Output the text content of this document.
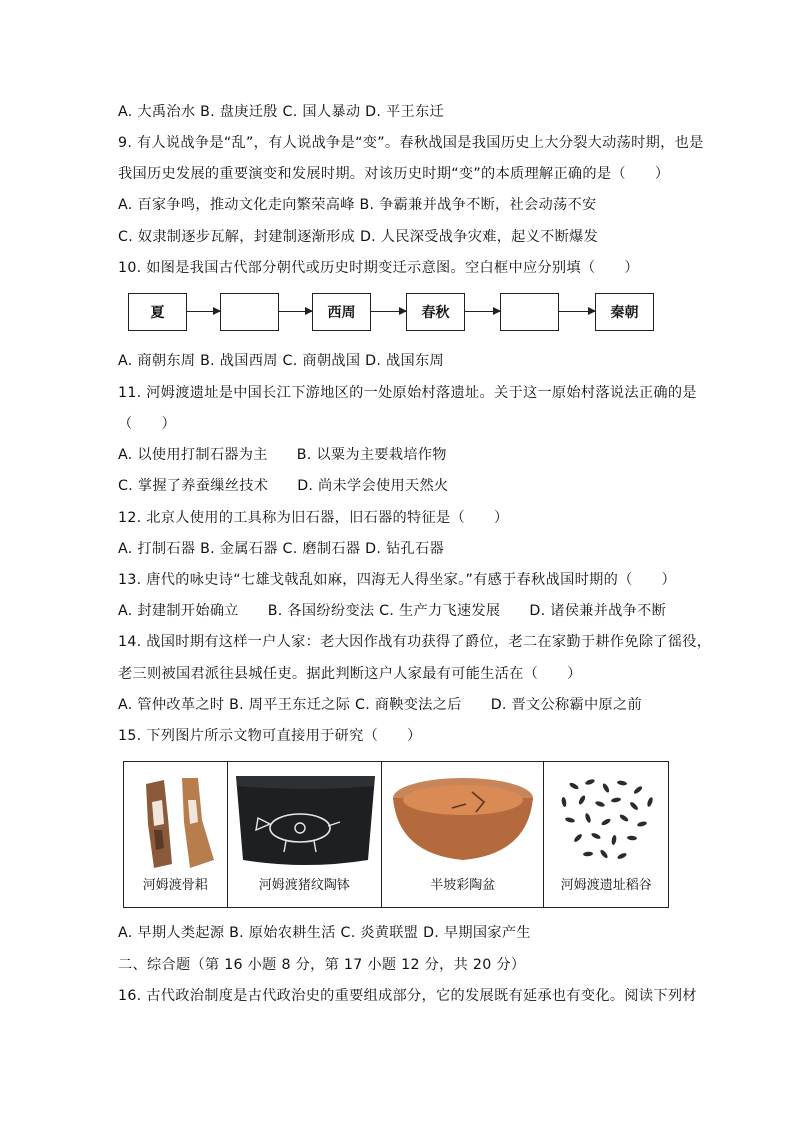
A. 大禹治水 B. 盘庚迁殷 C. 国人暴动 D. 平王东迁
9. 有人说战争是“乱”，有人说战争是“变”。春秋战国是我国历史上大分裂大动荡时期，也是
我国历史发展的重要演变和发展时期。对该历史时期“变”的本质理解正确的是（　　）
A. 百家争鸣，推动文化走向繁荣高峰 B. 争霸兼并战争不断，社会动荡不安
C. 奴隶制逐步瓦解，封建制逐渐形成 D. 人民深受战争灾难，起义不断爆发
10. 如图是我国古代部分朝代或历史时期变迁示意图。空白框中应分别填（　　）
夏	西周	春秋	秦朝
A. 商朝东周 B. 战国西周 C. 商朝战国 D. 战国东周
11. 河姆渡遗址是中国长江下游地区的一处原始村落遗址。关于这一原始村落说法正确的是
（　　）
A. 以使用打制石器为主　　B. 以粟为主要栽培作物
C. 掌握了养蚕缫丝技术　　D. 尚未学会使用天然火
12. 北京人使用的工具称为旧石器，旧石器的特征是（　　）
A. 打制石器 B. 金属石器 C. 磨制石器 D. 钻孔石器
13. 唐代的咏史诗“七雄戈戟乱如麻，四海无人得坐家。”有感于春秋战国时期的（　　）
A. 封建制开始确立　　B. 各国纷纷变法 C. 生产力飞速发展　　D. 诸侯兼并战争不断
14. 战国时期有这样一户人家：老大因作战有功获得了爵位，老二在家勤于耕作免除了徭役，
老三则被国君派往县城任吏。据此判断这户人家最有可能生活在（　　）
A. 管仲改革之时 B. 周平王东迁之际 C. 商鞅变法之后　　D. 晋文公称霸中原之前
15. 下列图片所示文物可直接用于研究（　　）
河姆渡骨耜	河姆渡猪纹陶钵	半坡彩陶盆	河姆渡遗址稻谷
A. 早期人类起源 B. 原始农耕生活 C. 炎黄联盟 D. 早期国家产生
二、综合题（第 16 小题 8 分，第 17 小题 12 分，共 20 分）
16. 古代政治制度是古代政治史的重要组成部分，它的发展既有延承也有变化。阅读下列材
